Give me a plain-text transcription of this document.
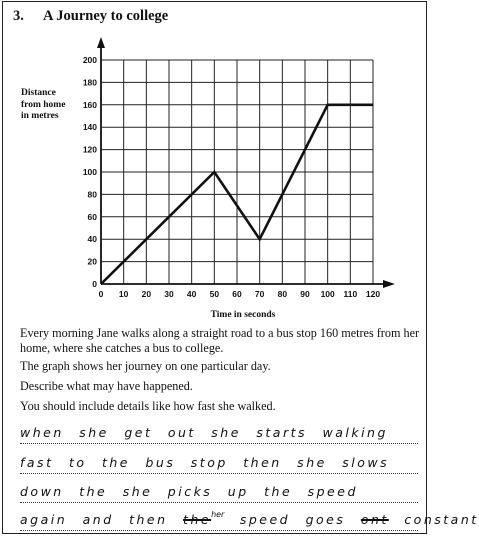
3. A Journey to college
Distance
from home
in metres
0
20
40
60
80
100
120
140
160
180
200
0 10 20 30 40 50 60 70 80 90 100 110 120
Time in seconds

Every morning Jane walks along a straight road to a bus stop 160 metres from her home, where she catches a bus to college.

The graph shows her journey on one particular day.

Describe what may have happened.

You should include details like how fast she walked.

when she get out she starts walking
fast to the bus stop then she slows
down the she picks up the speed
again and then the$^{her}$ speed goes ont constant
